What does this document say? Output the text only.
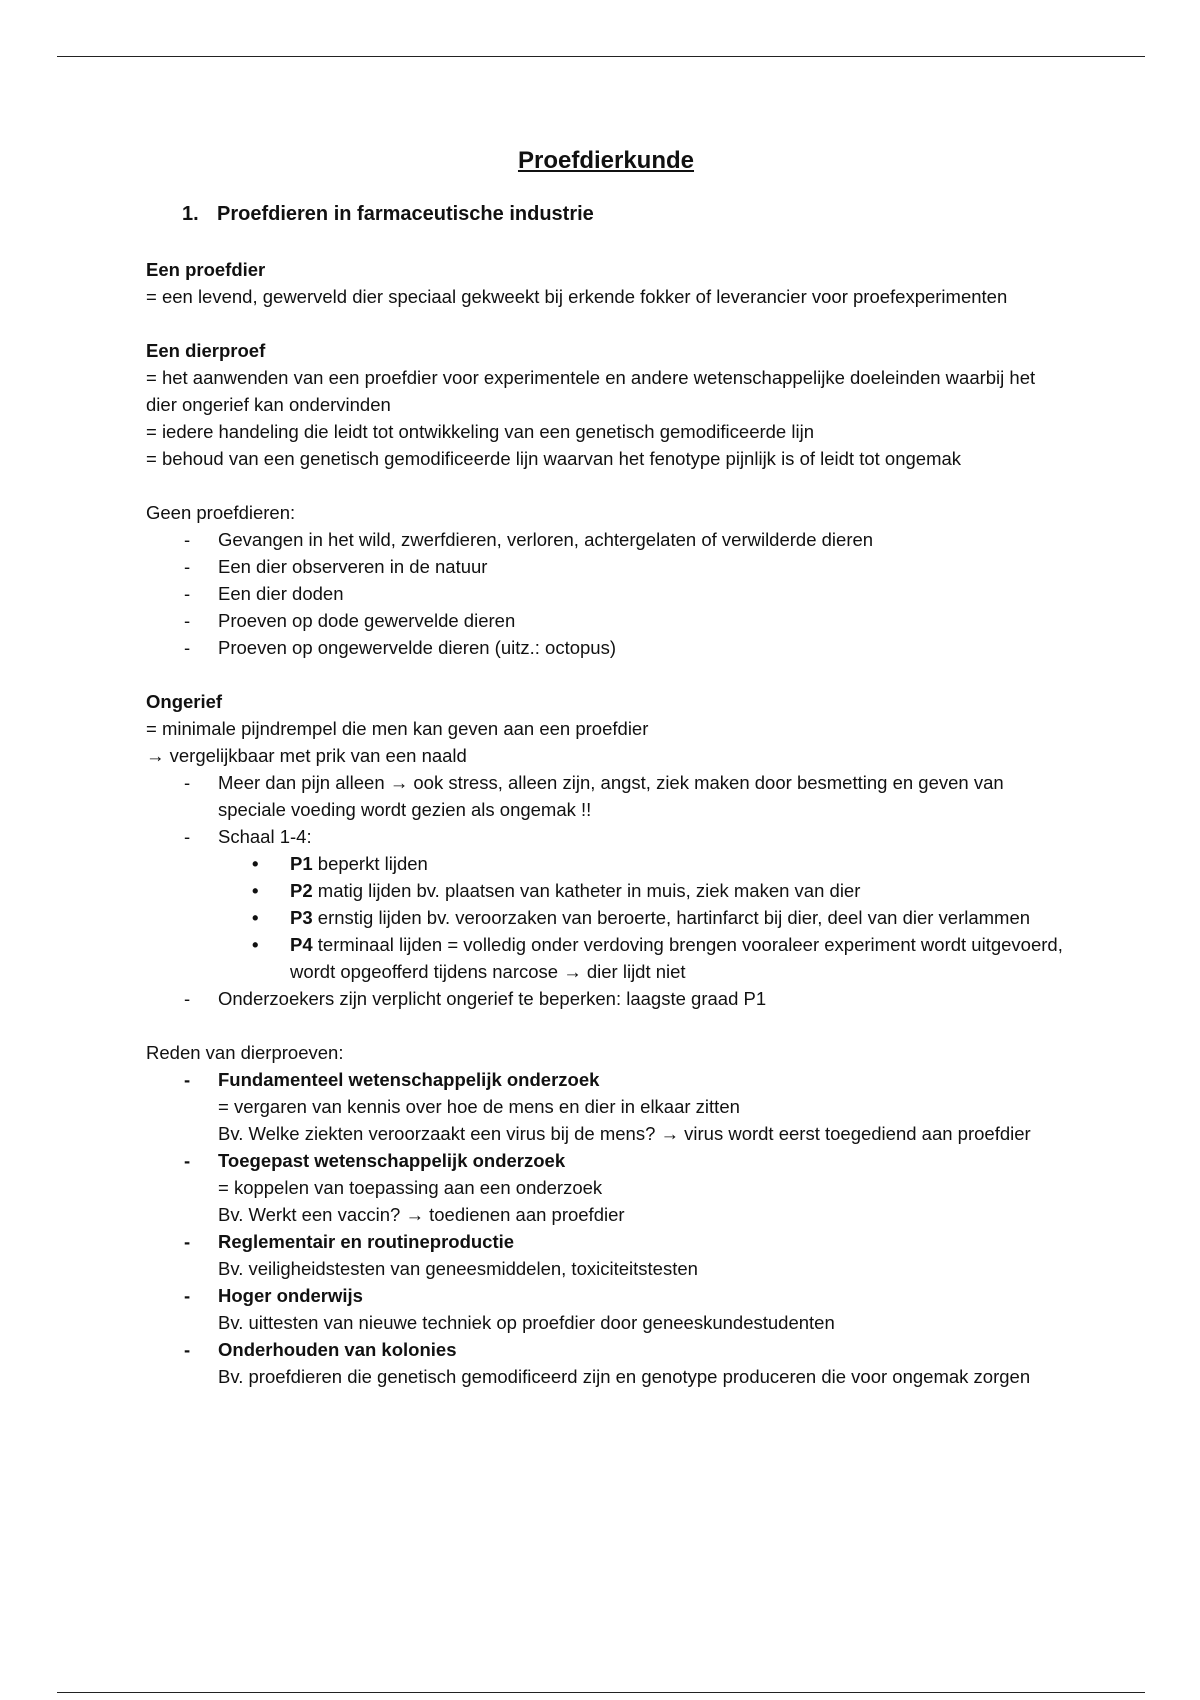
Proefdierkunde

1. Proefdieren in farmaceutische industrie

Een proefdier

= een levend, gewerveld dier speciaal gekweekt bij erkende fokker of leverancier voor proefexperimenten

Een dierproef

= het aanwenden van een proefdier voor experimentele en andere wetenschappelijke doeleinden waarbij het dier ongerief kan ondervinden

= iedere handeling die leidt tot ontwikkeling van een genetisch gemodificeerde lijn

= behoud van een genetisch gemodificeerde lijn waarvan het fenotype pijnlijk is of leidt tot ongemak

Geen proefdieren:

- Gevangen in het wild, zwerfdieren, verloren, achtergelaten of verwilderde dieren
- Een dier observeren in de natuur
- Een dier doden
- Proeven op dode gewervelde dieren
- Proeven op ongewervelde dieren (uitz.: octopus)

Ongerief

= minimale pijndrempel die men kan geven aan een proefdier

→ vergelijkbaar met prik van een naald

- Meer dan pijn alleen → ook stress, alleen zijn, angst, ziek maken door besmetting en geven van speciale voeding wordt gezien als ongemak !!
- Schaal 1-4:
• P1 beperkt lijden
• P2 matig lijden bv. plaatsen van katheter in muis, ziek maken van dier
• P3 ernstig lijden bv. veroorzaken van beroerte, hartinfarct bij dier, deel van dier verlammen
• P4 terminaal lijden = volledig onder verdoving brengen vooraleer experiment wordt uitgevoerd, wordt opgeofferd tijdens narcose → dier lijdt niet
- Onderzoekers zijn verplicht ongerief te beperken: laagste graad P1

Reden van dierproeven:

- Fundamenteel wetenschappelijk onderzoek

= vergaren van kennis over hoe de mens en dier in elkaar zitten

Bv. Welke ziekten veroorzaakt een virus bij de mens? → virus wordt eerst toegediend aan proefdier

- Toegepast wetenschappelijk onderzoek

= koppelen van toepassing aan een onderzoek

Bv. Werkt een vaccin? → toedienen aan proefdier

- Reglementair en routineproductie

Bv. veiligheidstesten van geneesmiddelen, toxiciteitstesten

- Hoger onderwijs

Bv. uittesten van nieuwe techniek op proefdier door geneeskundestudenten

- Onderhouden van kolonies

Bv. proefdieren die genetisch gemodificeerd zijn en genotype produceren die voor ongemak zorgen
